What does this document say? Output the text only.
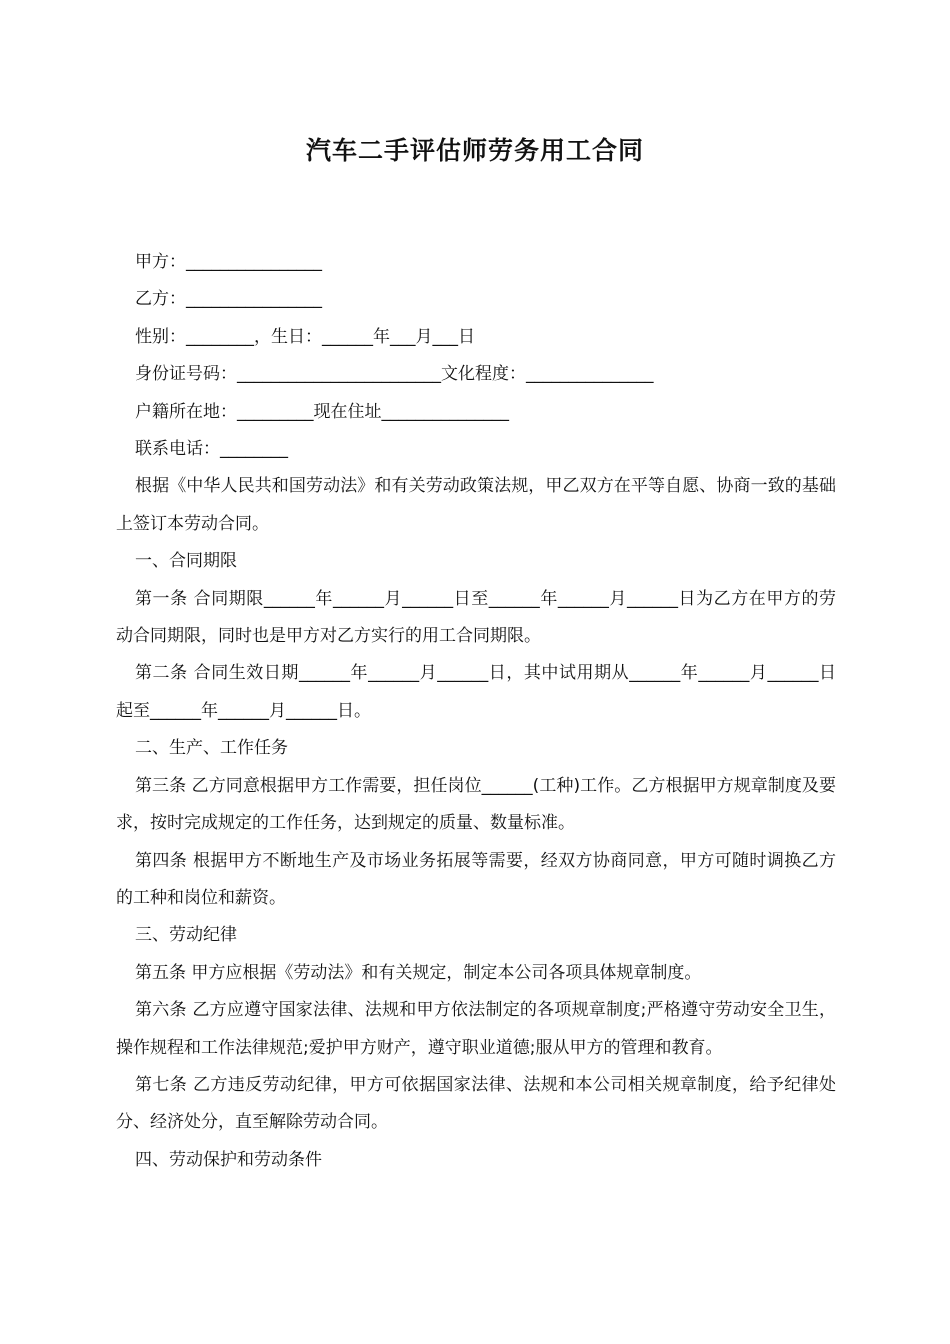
汽车二手评估师劳务用工合同
甲方：________________
乙方：________________
性别：________，生日：______年___月___日
身份证号码：________________________文化程度：_______________
户籍所在地：_________现在住址_______________
联系电话：________
根据《中华人民共和国劳动法》和有关劳动政策法规，甲乙双方在平等自愿、协商一致的基础上签订本劳动合同。
一、合同期限
第一条 合同期限______年______月______日至______年______月______日为乙方在甲方的劳动合同期限，同时也是甲方对乙方实行的用工合同期限。
第二条 合同生效日期______年______月______日，其中试用期从______年______月______日起至______年______月______日。
二、生产、工作任务
第三条 乙方同意根据甲方工作需要，担任岗位______(工种)工作。乙方根据甲方规章制度及要求，按时完成规定的工作任务，达到规定的质量、数量标准。
第四条 根据甲方不断地生产及市场业务拓展等需要，经双方协商同意，甲方可随时调换乙方的工种和岗位和薪资。
三、劳动纪律
第五条 甲方应根据《劳动法》和有关规定，制定本公司各项具体规章制度。
第六条 乙方应遵守国家法律、法规和甲方依法制定的各项规章制度;严格遵守劳动安全卫生，操作规程和工作法律规范;爱护甲方财产，遵守职业道德;服从甲方的管理和教育。
第七条 乙方违反劳动纪律，甲方可依据国家法律、法规和本公司相关规章制度，给予纪律处分、经济处分，直至解除劳动合同。
四、劳动保护和劳动条件
